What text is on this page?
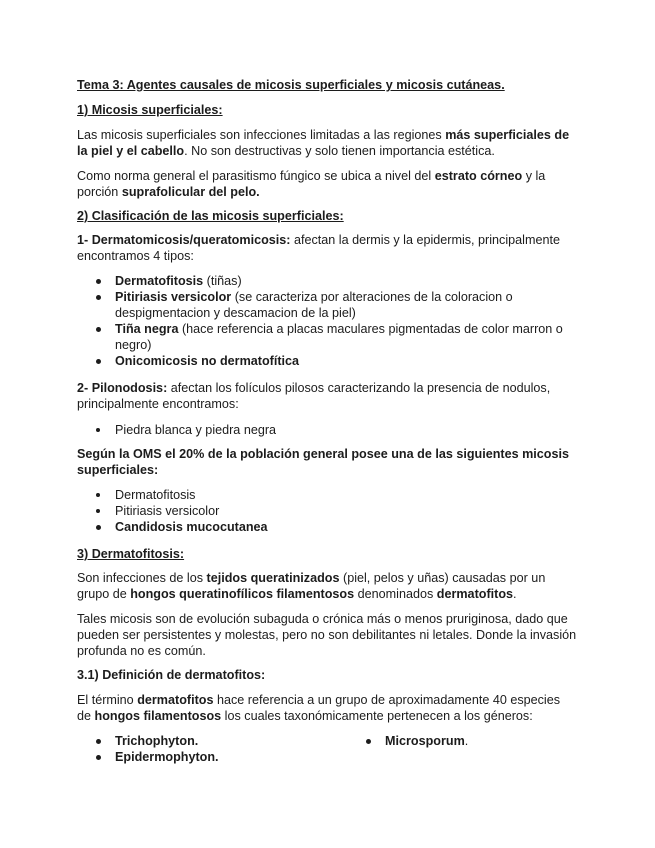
Tema 3: Agentes causales de micosis superficiales y micosis cutáneas.

1) Micosis superficiales:

Las micosis superficiales son infecciones limitadas a las regiones más superficiales de la piel y el cabello. No son destructivas y solo tienen importancia estética.

Como norma general el parasitismo fúngico se ubica a nivel del estrato córneo y la porción suprafolicular del pelo.

2) Clasificación de las micosis superficiales:

1- Dermatomicosis/queratomicosis: afectan la dermis y la epidermis, principalmente encontramos 4 tipos:

Dermatofitosis (tiñas)
Pitiriasis versicolor (se caracteriza por alteraciones de la coloracion o despigmentacion y descamacion de la piel)
Tiña negra (hace referencia a placas maculares pigmentadas de color marron o negro)
Onicomicosis no dermatofítica

2- Pilonodosis: afectan los folículos pilosos caracterizando la presencia de nodulos, principalmente encontramos:

Piedra blanca y piedra negra

Según la OMS el 20% de la población general posee una de las siguientes micosis superficiales:

Dermatofitosis
Pitiriasis versicolor
Candidosis mucocutanea

3) Dermatofitosis:

Son infecciones de los tejidos queratinizados (piel, pelos y uñas) causadas por un grupo de hongos queratinofílicos filamentosos denominados dermatofitos.

Tales micosis son de evolución subaguda o crónica más o menos pruriginosa, dado que pueden ser persistentes y molestas, pero no son debilitantes ni letales. Donde la invasión profunda no es común.

3.1) Definición de dermatofitos:

El término dermatofitos hace referencia a un grupo de aproximadamente 40 especies de hongos filamentosos los cuales taxonómicamente pertenecen a los géneros:

Trichophyton.
Epidermophyton.
Microsporum.
